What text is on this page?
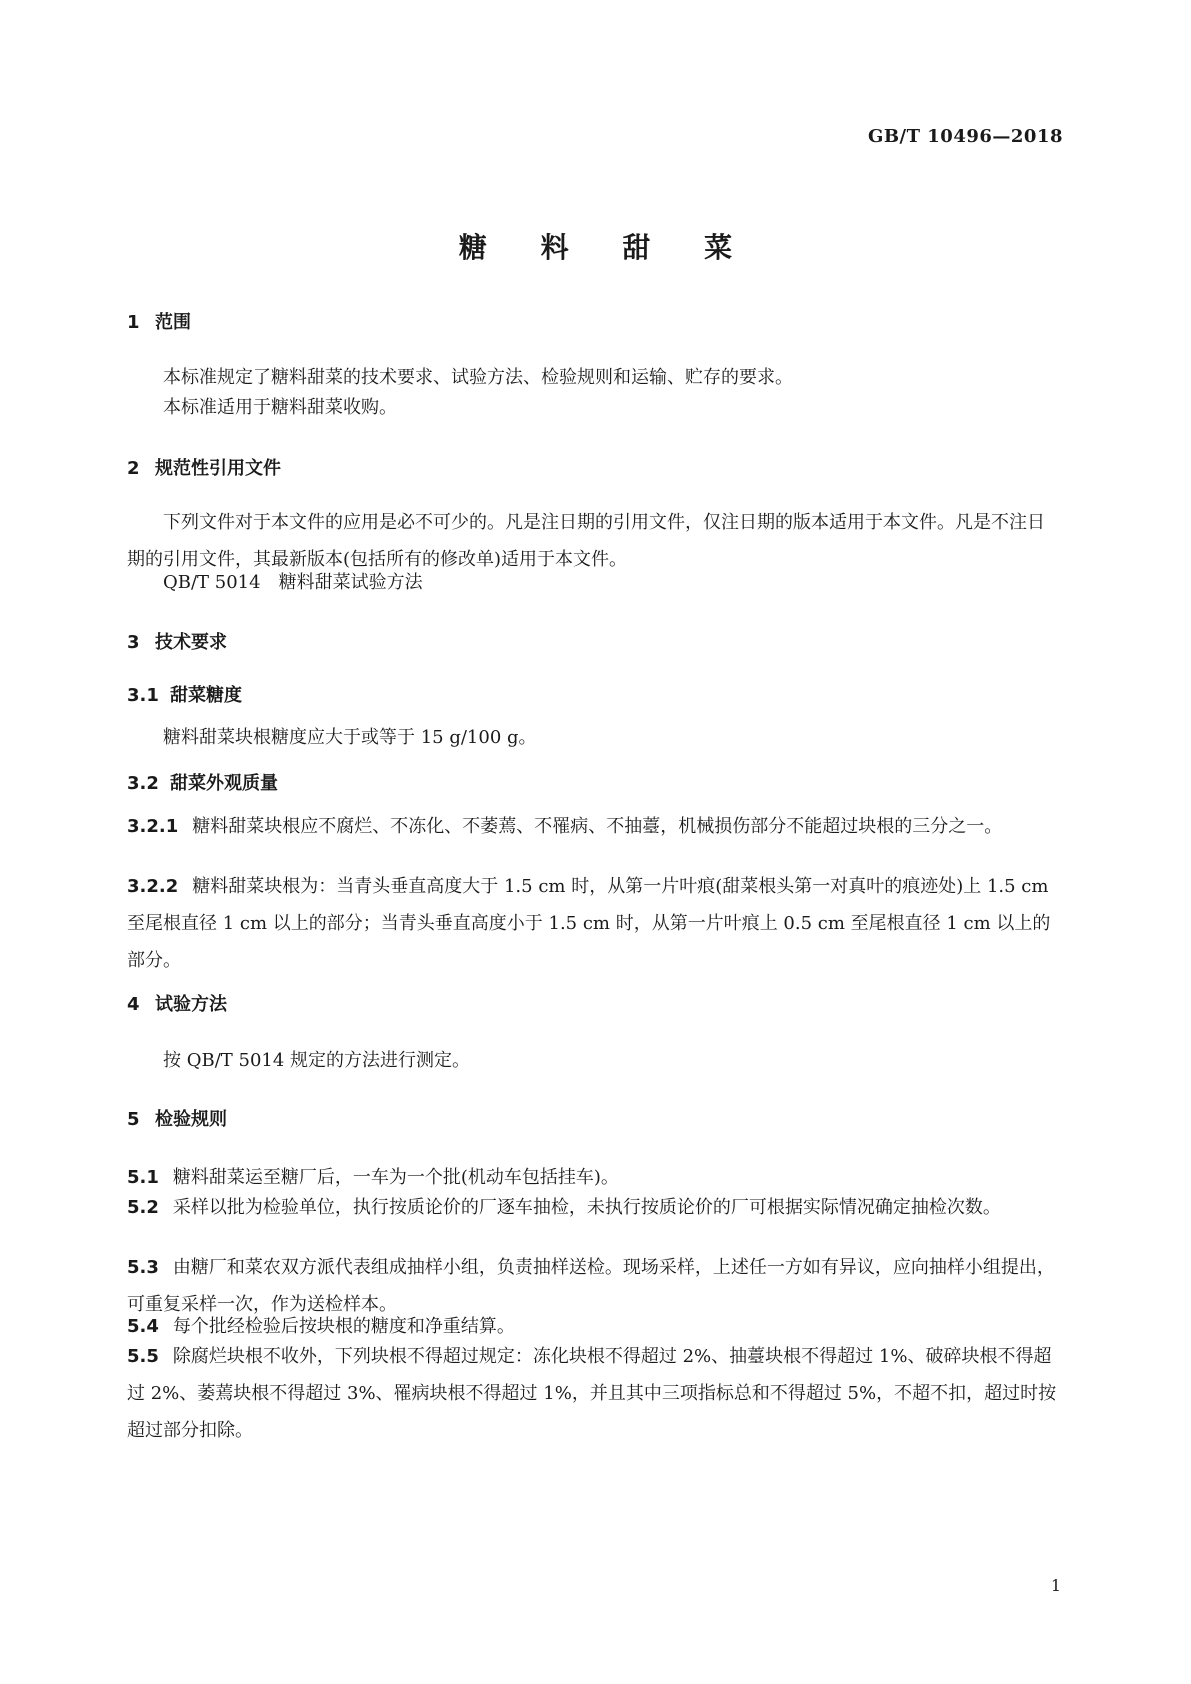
GB/T 10496—2018
糖 料 甜 菜
1 范围
本标准规定了糖料甜菜的技术要求、试验方法、检验规则和运输、贮存的要求。
本标准适用于糖料甜菜收购。
2 规范性引用文件
下列文件对于本文件的应用是必不可少的。凡是注日期的引用文件，仅注日期的版本适用于本文件。凡是不注日期的引用文件，其最新版本(包括所有的修改单)适用于本文件。
QB/T 5014　糖料甜菜试验方法
3 技术要求
3.1 甜菜糖度
糖料甜菜块根糖度应大于或等于 15 g/100 g。
3.2 甜菜外观质量
3.2.1 糖料甜菜块根应不腐烂、不冻化、不萎蔫、不罹病、不抽薹，机械损伤部分不能超过块根的三分之一。
3.2.2 糖料甜菜块根为：当青头垂直高度大于 1.5 cm 时，从第一片叶痕(甜菜根头第一对真叶的痕迹处)上 1.5 cm 至尾根直径 1 cm 以上的部分；当青头垂直高度小于 1.5 cm 时，从第一片叶痕上 0.5 cm 至尾根直径 1 cm 以上的部分。
4 试验方法
按 QB/T 5014 规定的方法进行测定。
5 检验规则
5.1 糖料甜菜运至糖厂后，一车为一个批(机动车包括挂车)。
5.2 采样以批为检验单位，执行按质论价的厂逐车抽检，未执行按质论价的厂可根据实际情况确定抽检次数。
5.3 由糖厂和菜农双方派代表组成抽样小组，负责抽样送检。现场采样，上述任一方如有异议，应向抽样小组提出，可重复采样一次，作为送检样本。
5.4 每个批经检验后按块根的糖度和净重结算。
5.5 除腐烂块根不收外，下列块根不得超过规定：冻化块根不得超过 2%、抽薹块根不得超过 1%、破碎块根不得超过 2%、萎蔫块根不得超过 3%、罹病块根不得超过 1%，并且其中三项指标总和不得超过 5%，不超不扣，超过时按超过部分扣除。
1
